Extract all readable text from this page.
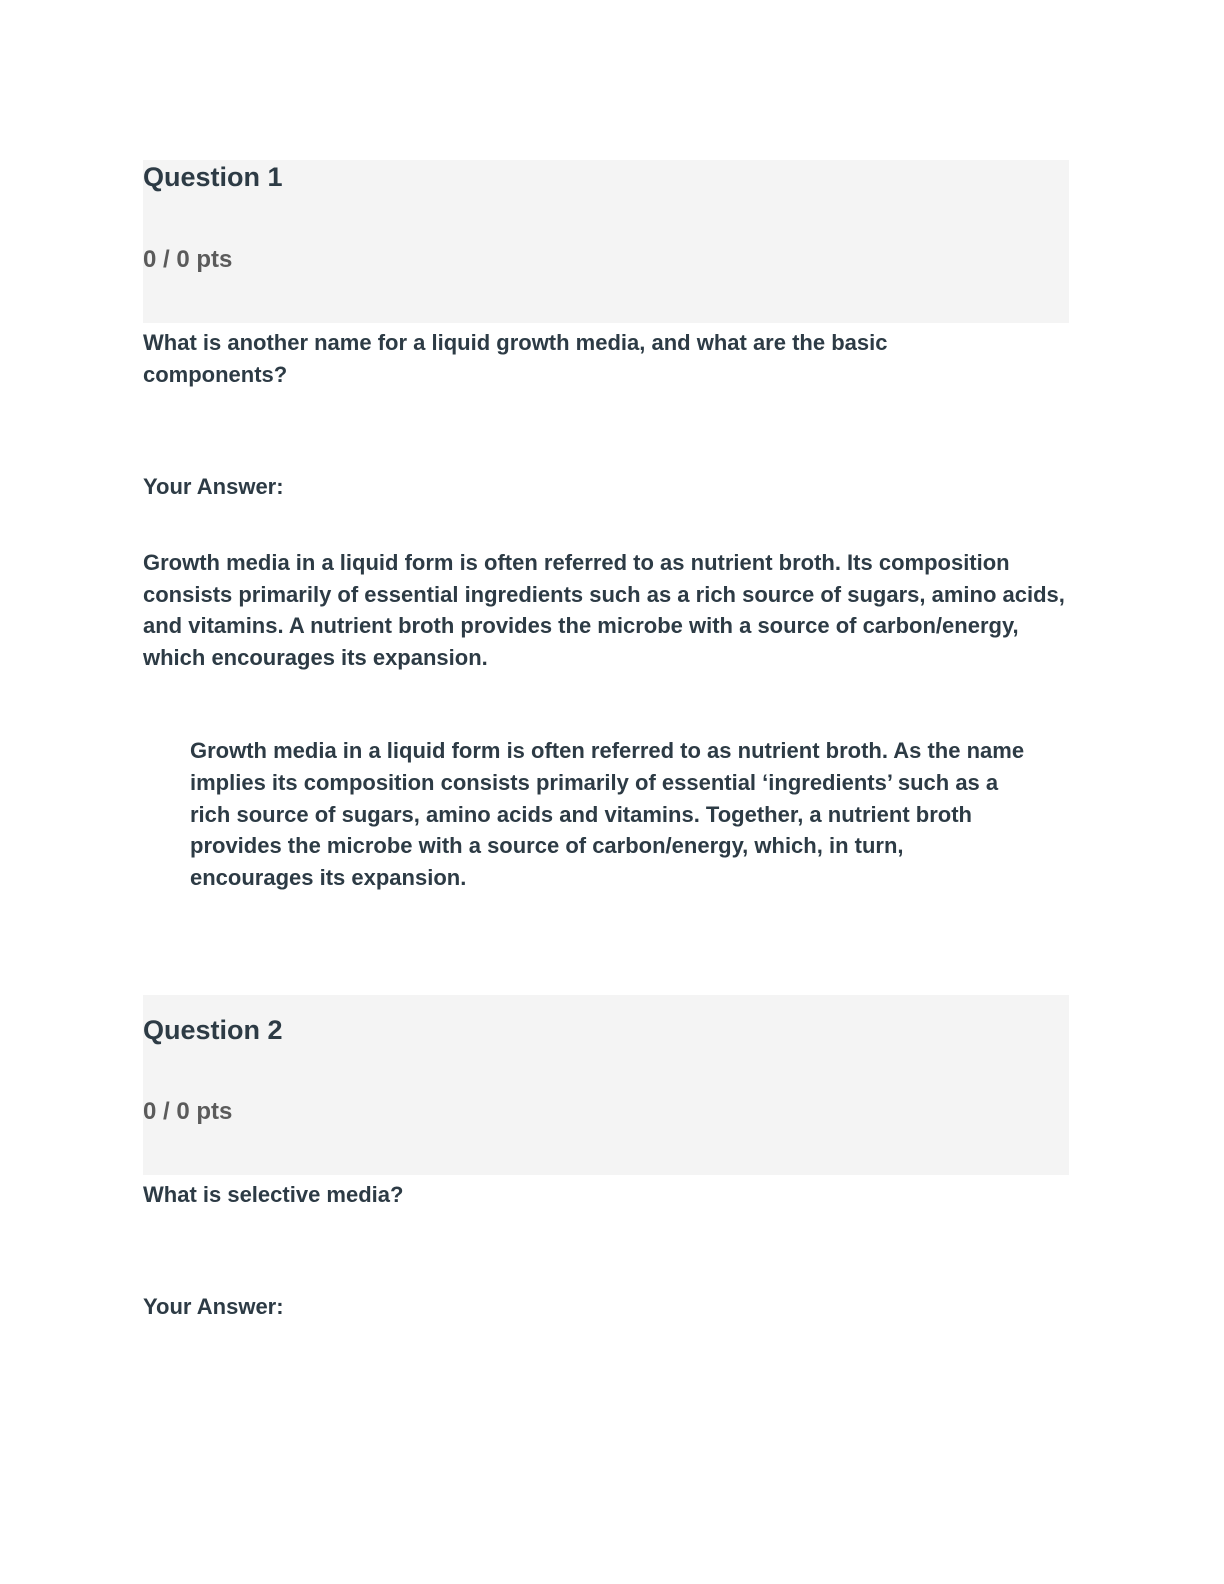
Question 1
0 / 0 pts

What is another name for a liquid growth media, and what are the basic components?

Your Answer:

Growth media in a liquid form is often referred to as nutrient broth. Its composition consists primarily of essential ingredients such as a rich source of sugars, amino acids, and vitamins. A nutrient broth provides the microbe with a source of carbon/energy, which encourages its expansion.

Growth media in a liquid form is often referred to as nutrient broth. As the name implies its composition consists primarily of essential ‘ingredients’ such as a rich source of sugars, amino acids and vitamins. Together, a nutrient broth provides the microbe with a source of carbon/energy, which, in turn, encourages its expansion.

Question 2
0 / 0 pts

What is selective media?

Your Answer:
